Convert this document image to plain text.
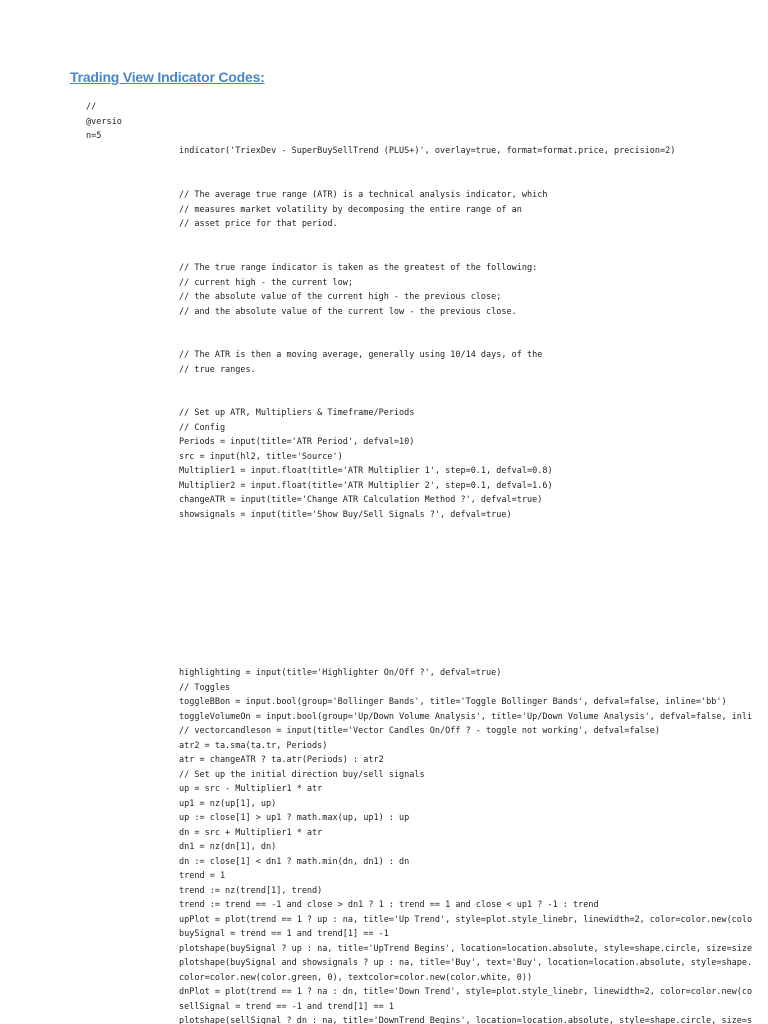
Trading View Indicator Codes:
//
@versio
n=5
indicator('TriexDev - SuperBuySellTrend (PLUS+)', overlay=true, format=format.price, precision=2)
// The average true range (ATR) is a technical analysis indicator, which
// measures market volatility by decomposing the entire range of an
// asset price for that period.
// The true range indicator is taken as the greatest of the following:
// current high - the current low;
// the absolute value of the current high - the previous close;
// and the absolute value of the current low - the previous close.
// The ATR is then a moving average, generally using 10/14 days, of the
// true ranges.
// Set up ATR, Multipliers & Timeframe/Periods
// Config
Periods = input(title='ATR Period', defval=10)
src = input(hl2, title='Source')
Multiplier1 = input.float(title='ATR Multiplier 1', step=0.1, defval=0.8)
Multiplier2 = input.float(title='ATR Multiplier 2', step=0.1, defval=1.6)
changeATR = input(title='Change ATR Calculation Method ?', defval=true)
showsignals = input(title='Show Buy/Sell Signals ?', defval=true)
highlighting = input(title='Highlighter On/Off ?', defval=true)
// Toggles
toggleBBon = input.bool(group='Bollinger Bands', title='Toggle Bollinger Bands', defval=false, inline='bb')
toggleVolumeOn = input.bool(group='Up/Down Volume Analysis', title='Up/Down Volume Analysis', defval=false, inli
// vectorcandleson = input(title='Vector Candles On/Off ? - toggle not working', defval=false)
atr2 = ta.sma(ta.tr, Periods)
atr = changeATR ? ta.atr(Periods) : atr2
// Set up the initial direction buy/sell signals
up = src - Multiplier1 * atr
up1 = nz(up[1], up)
up := close[1] > up1 ? math.max(up, up1) : up
dn = src + Multiplier1 * atr
dn1 = nz(dn[1], dn)
dn := close[1] < dn1 ? math.min(dn, dn1) : dn
trend = 1
trend := nz(trend[1], trend)
trend := trend == -1 and close > dn1 ? 1 : trend == 1 and close < up1 ? -1 : trend
upPlot = plot(trend == 1 ? up : na, title='Up Trend', style=plot.style_linebr, linewidth=2, color=color.new(colo
buySignal = trend == 1 and trend[1] == -1
plotshape(buySignal ? up : na, title='UpTrend Begins', location=location.absolute, style=shape.circle, size=size
plotshape(buySignal and showsignals ? up : na, title='Buy', text='Buy', location=location.absolute, style=shape.
color=color.new(color.green, 0), textcolor=color.new(color.white, 0))
dnPlot = plot(trend == 1 ? na : dn, title='Down Trend', style=plot.style_linebr, linewidth=2, color=color.new(co
sellSignal = trend == -1 and trend[1] == 1
plotshape(sellSignal ? dn : na, title='DownTrend Begins', location=location.absolute, style=shape.circle, size=s
